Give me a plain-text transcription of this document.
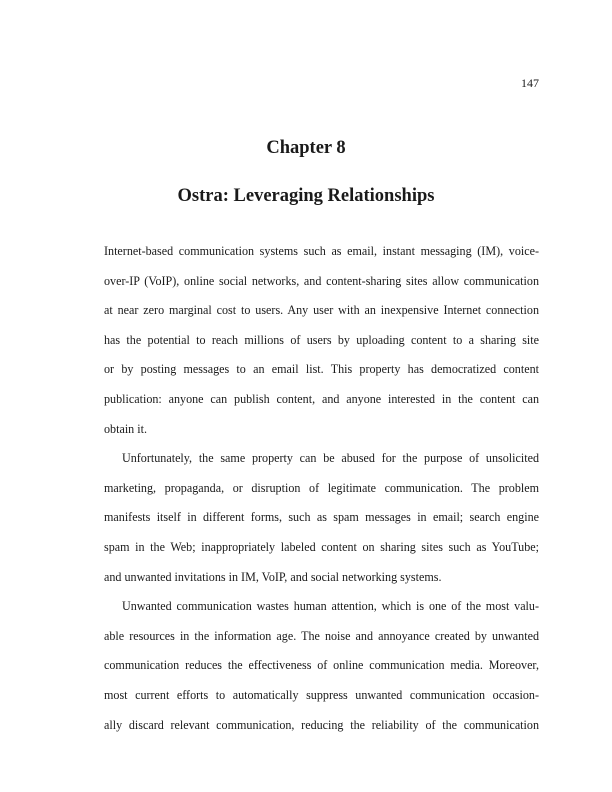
147
Chapter 8
Ostra: Leveraging Relationships
Internet-based communication systems such as email, instant messaging (IM), voice-
over-IP (VoIP), online social networks, and content-sharing sites allow communication
at near zero marginal cost to users. Any user with an inexpensive Internet connection
has the potential to reach millions of users by uploading content to a sharing site
or by posting messages to an email list. This property has democratized content
publication: anyone can publish content, and anyone interested in the content can
obtain it.
Unfortunately, the same property can be abused for the purpose of unsolicited
marketing, propaganda, or disruption of legitimate communication. The problem
manifests itself in different forms, such as spam messages in email; search engine
spam in the Web; inappropriately labeled content on sharing sites such as YouTube;
and unwanted invitations in IM, VoIP, and social networking systems.
Unwanted communication wastes human attention, which is one of the most valu-
able resources in the information age. The noise and annoyance created by unwanted
communication reduces the effectiveness of online communication media. Moreover,
most current efforts to automatically suppress unwanted communication occasion-
ally discard relevant communication, reducing the reliability of the communication
